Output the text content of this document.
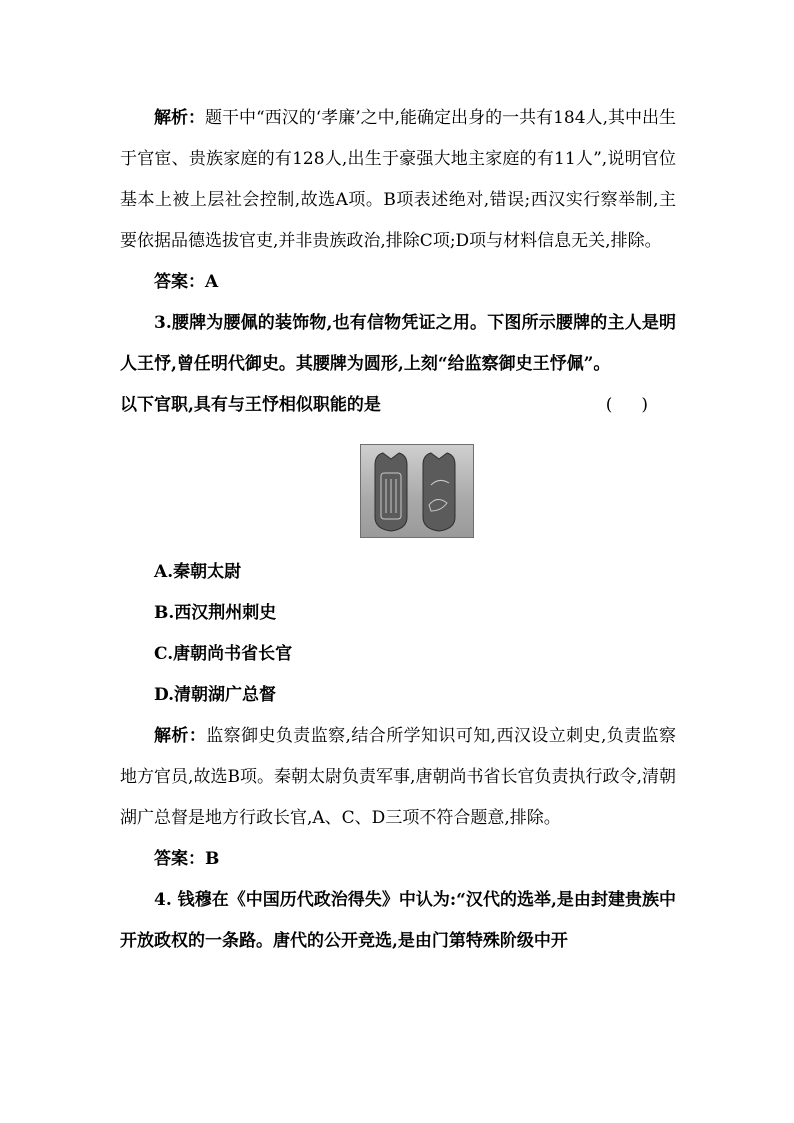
解析：题干中“西汉的‘孝廉’之中,能确定出身的一共有184人,其中出生于官宦、贵族家庭的有128人,出生于豪强大地主家庭的有11人”,说明官位基本上被上层社会控制,故选A项。B项表述绝对,错误;西汉实行察举制,主要依据品德选拔官吏,并非贵族政治,排除C项;D项与材料信息无关,排除。

答案：A

3.腰牌为腰佩的装饰物,也有信物凭证之用。下图所示腰牌的主人是明人王忬,曾任明代御史。其腰牌为圆形,上刻“给监察御史王忬佩”。

以下官职,具有与王忬相似职能的是	(　)

A.秦朝太尉

B.西汉荆州刺史

C.唐朝尚书省长官

D.清朝湖广总督

解析：监察御史负责监察,结合所学知识可知,西汉设立刺史,负责监察地方官员,故选B项。秦朝太尉负责军事,唐朝尚书省长官负责执行政令,清朝湖广总督是地方行政长官,A、C、D三项不符合题意,排除。

答案：B

4. 钱穆在《中国历代政治得失》中认为:“汉代的选举,是由封建贵族中开放政权的一条路。唐代的公开竞选,是由门第特殊阶级中开
